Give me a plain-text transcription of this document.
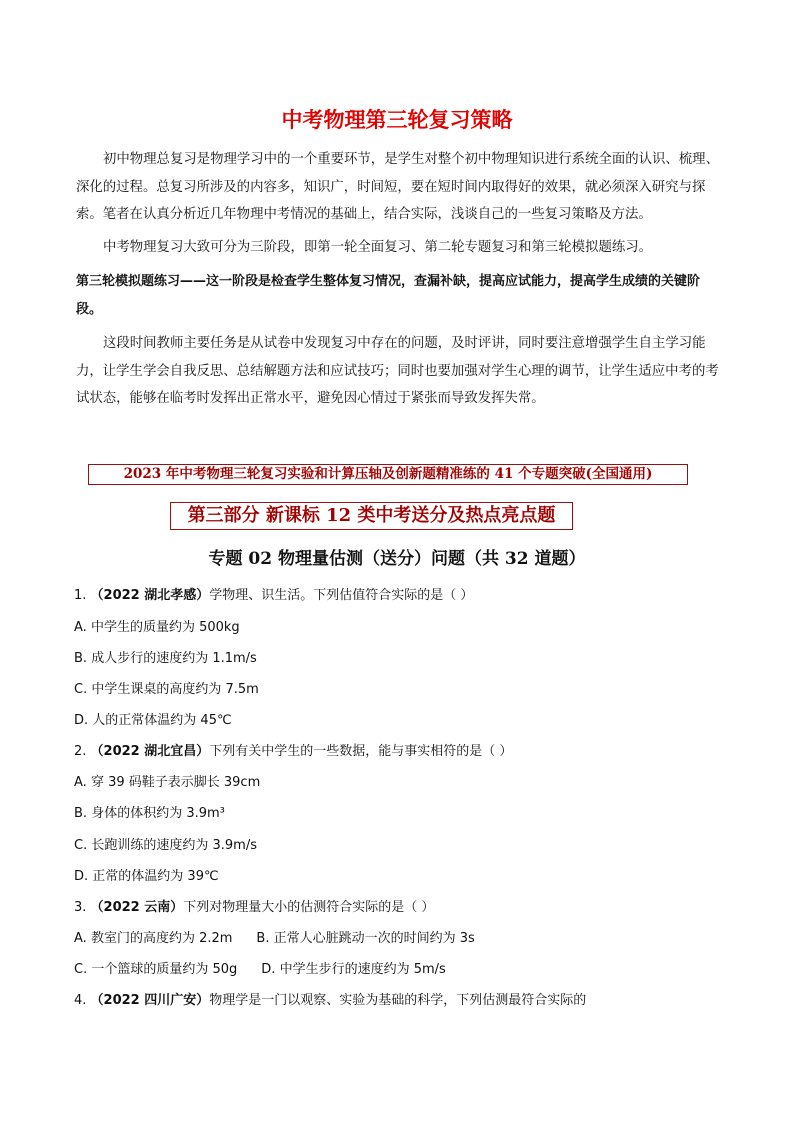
中考物理第三轮复习策略

初中物理总复习是物理学习中的一个重要环节，是学生对整个初中物理知识进行系统全面的认识、梳理、深化的过程。总复习所涉及的内容多，知识广，时间短，要在短时间内取得好的效果，就必须深入研究与探索。笔者在认真分析近几年物理中考情况的基础上，结合实际，浅谈自己的一些复习策略及方法。

中考物理复习大致可分为三阶段，即第一轮全面复习、第二轮专题复习和第三轮模拟题练习。

第三轮模拟题练习——这一阶段是检查学生整体复习情况，查漏补缺，提高应试能力，提高学生成绩的关键阶段。

这段时间教师主要任务是从试卷中发现复习中存在的问题，及时评讲，同时要注意增强学生自主学习能力，让学生学会自我反思、总结解题方法和应试技巧；同时也要加强对学生心理的调节，让学生适应中考的考试状态，能够在临考时发挥出正常水平，避免因心情过于紧张而导致发挥失常。

2023 年中考物理三轮复习实验和计算压轴及创新题精准练的 41 个专题突破(全国通用)
第三部分 新课标 12 类中考送分及热点亮点题
专题 02 物理量估测（送分）问题（共 32 道题）
1. （2022 湖北孝感）学物理、识生活。下列估值符合实际的是（ ）
A. 中学生的质量约为 500kg
B. 成人步行的速度约为 1.1m/s
C. 中学生课桌的高度约为 7.5m
D. 人的正常体温约为 45℃
2. （2022 湖北宜昌）下列有关中学生的一些数据，能与事实相符的是（ ）
A. 穿 39 码鞋子表示脚长 39cm
B. 身体的体积约为 3.9m³
C. 长跑训练的速度约为 3.9m/s
D. 正常的体温约为 39℃
3. （2022 云南）下列对物理量大小的估测符合实际的是（ ）
A. 教室门的高度约为 2.2m B. 正常人心脏跳动一次的时间约为 3s
C. 一个篮球的质量约为 50g D. 中学生步行的速度约为 5m/s
4. （2022 四川广安）物理学是一门以观察、实验为基础的科学，下列估测最符合实际的
